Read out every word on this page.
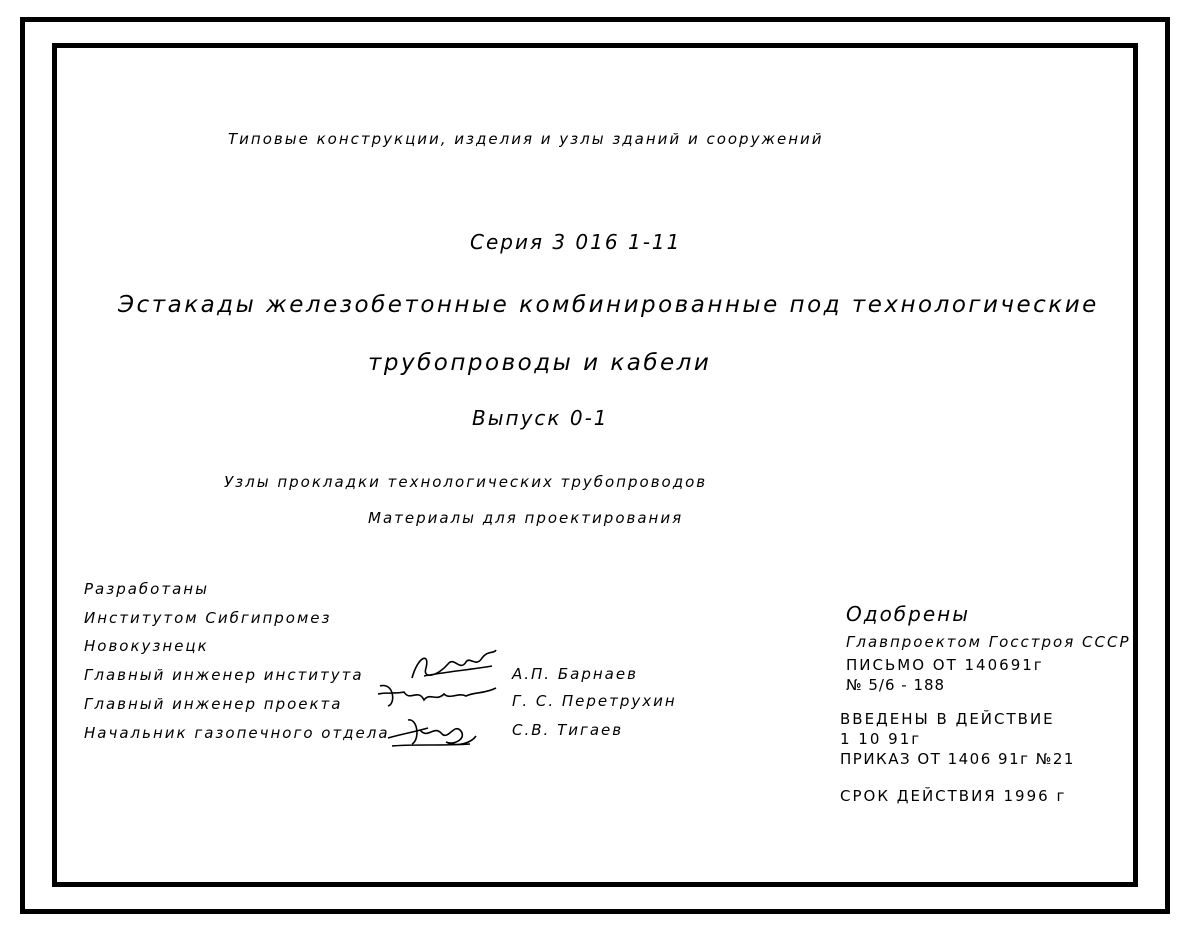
Типовые конструкции, изделия и узлы зданий и сооружений
Серия 3 016 1-11
Эстакады железобетонные комбинированные под технологические
трубопроводы и кабели
Выпуск 0-1
Узлы прокладки технологических трубопроводов
Материалы для проектирования
Разработаны
Институтом Сибгипромез
Новокузнецк
Главный инженер института	А.П. Барнаев
Главный инженер проекта	Г. С. Перетрухин
Начальник газопечного отдела	С.В. Тигаев
Одобрены
Главпроектом Госстроя СССР
ПИСЬМО ОТ 140691г
№ 5/6 - 188
ВВЕДЕНЫ В ДЕЙСТВИЕ
1 10 91г
ПРИКАЗ ОТ 1406 91г №21
СРОК ДЕЙСТВИЯ 1996 г
